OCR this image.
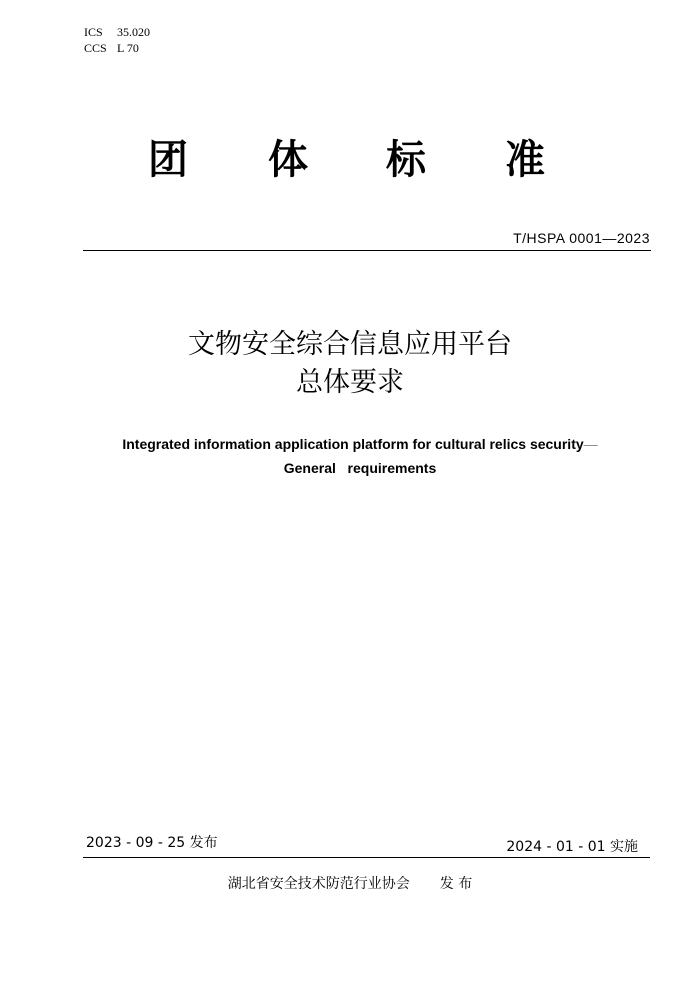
ICS 35.020
CCS L 70
团 体 标 准
T/HSPA 0001—2023
文物安全综合信息应用平台
总体要求
Integrated information application platform for cultural relics security—
General   requirements
2023 - 09 - 25 发布	2024 - 01 - 01 实施
湖北省安全技术防范行业协会 发 布
